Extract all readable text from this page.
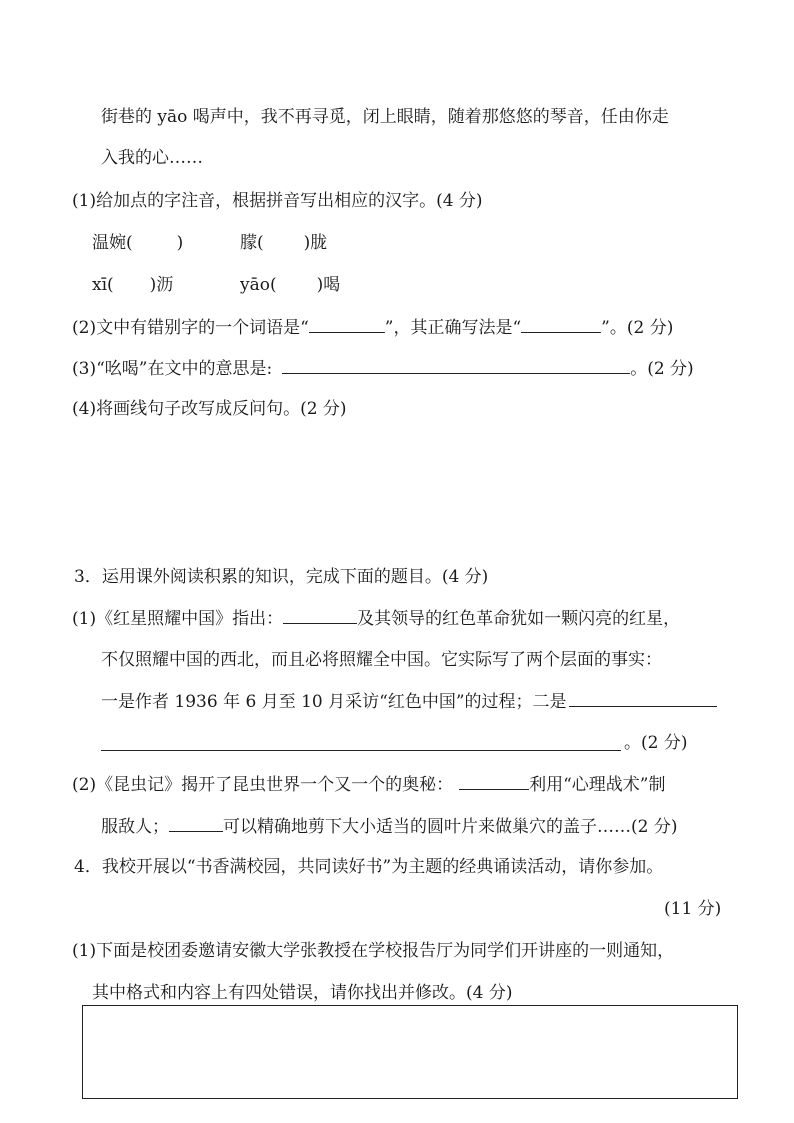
街巷的 yāo 喝声中，我不再寻觅，闭上眼睛，随着那悠悠的琴音，任由你走
入我的心……
(1)给加点的字注音，根据拼音写出相应的汉字。(4 分)
温婉(	)	朦( )胧
xī( )沥	yāo( )喝
(2)文中有错别字的一个词语是“	”，其正确写法是“	”。(2 分)
(3)“吆喝”在文中的意思是:	。(2 分)
(4)将画线句子改写成反问句。(2 分)
3．运用课外阅读积累的知识，完成下面的题目。(4 分)
(1)《红星照耀中国》指出：	及其领导的红色革命犹如一颗闪亮的红星，
不仅照耀中国的西北，而且必将照耀全中国。它实际写了两个层面的事实：
一是作者 1936 年 6 月至 10 月采访“红色中国”的过程；二是
。(2 分)
(2)《昆虫记》揭开了昆虫世界一个又一个的奥秘：	利用“心理战术”制
服敌人；	可以精确地剪下大小适当的圆叶片来做巢穴的盖子……(2 分)
4．我校开展以“书香满校园，共同读好书”为主题的经典诵读活动，请你参加。
(11 分)
(1)下面是校团委邀请安徽大学张教授在学校报告厅为同学们开讲座的一则通知，
其中格式和内容上有四处错误，请你找出并修改。(4 分)
